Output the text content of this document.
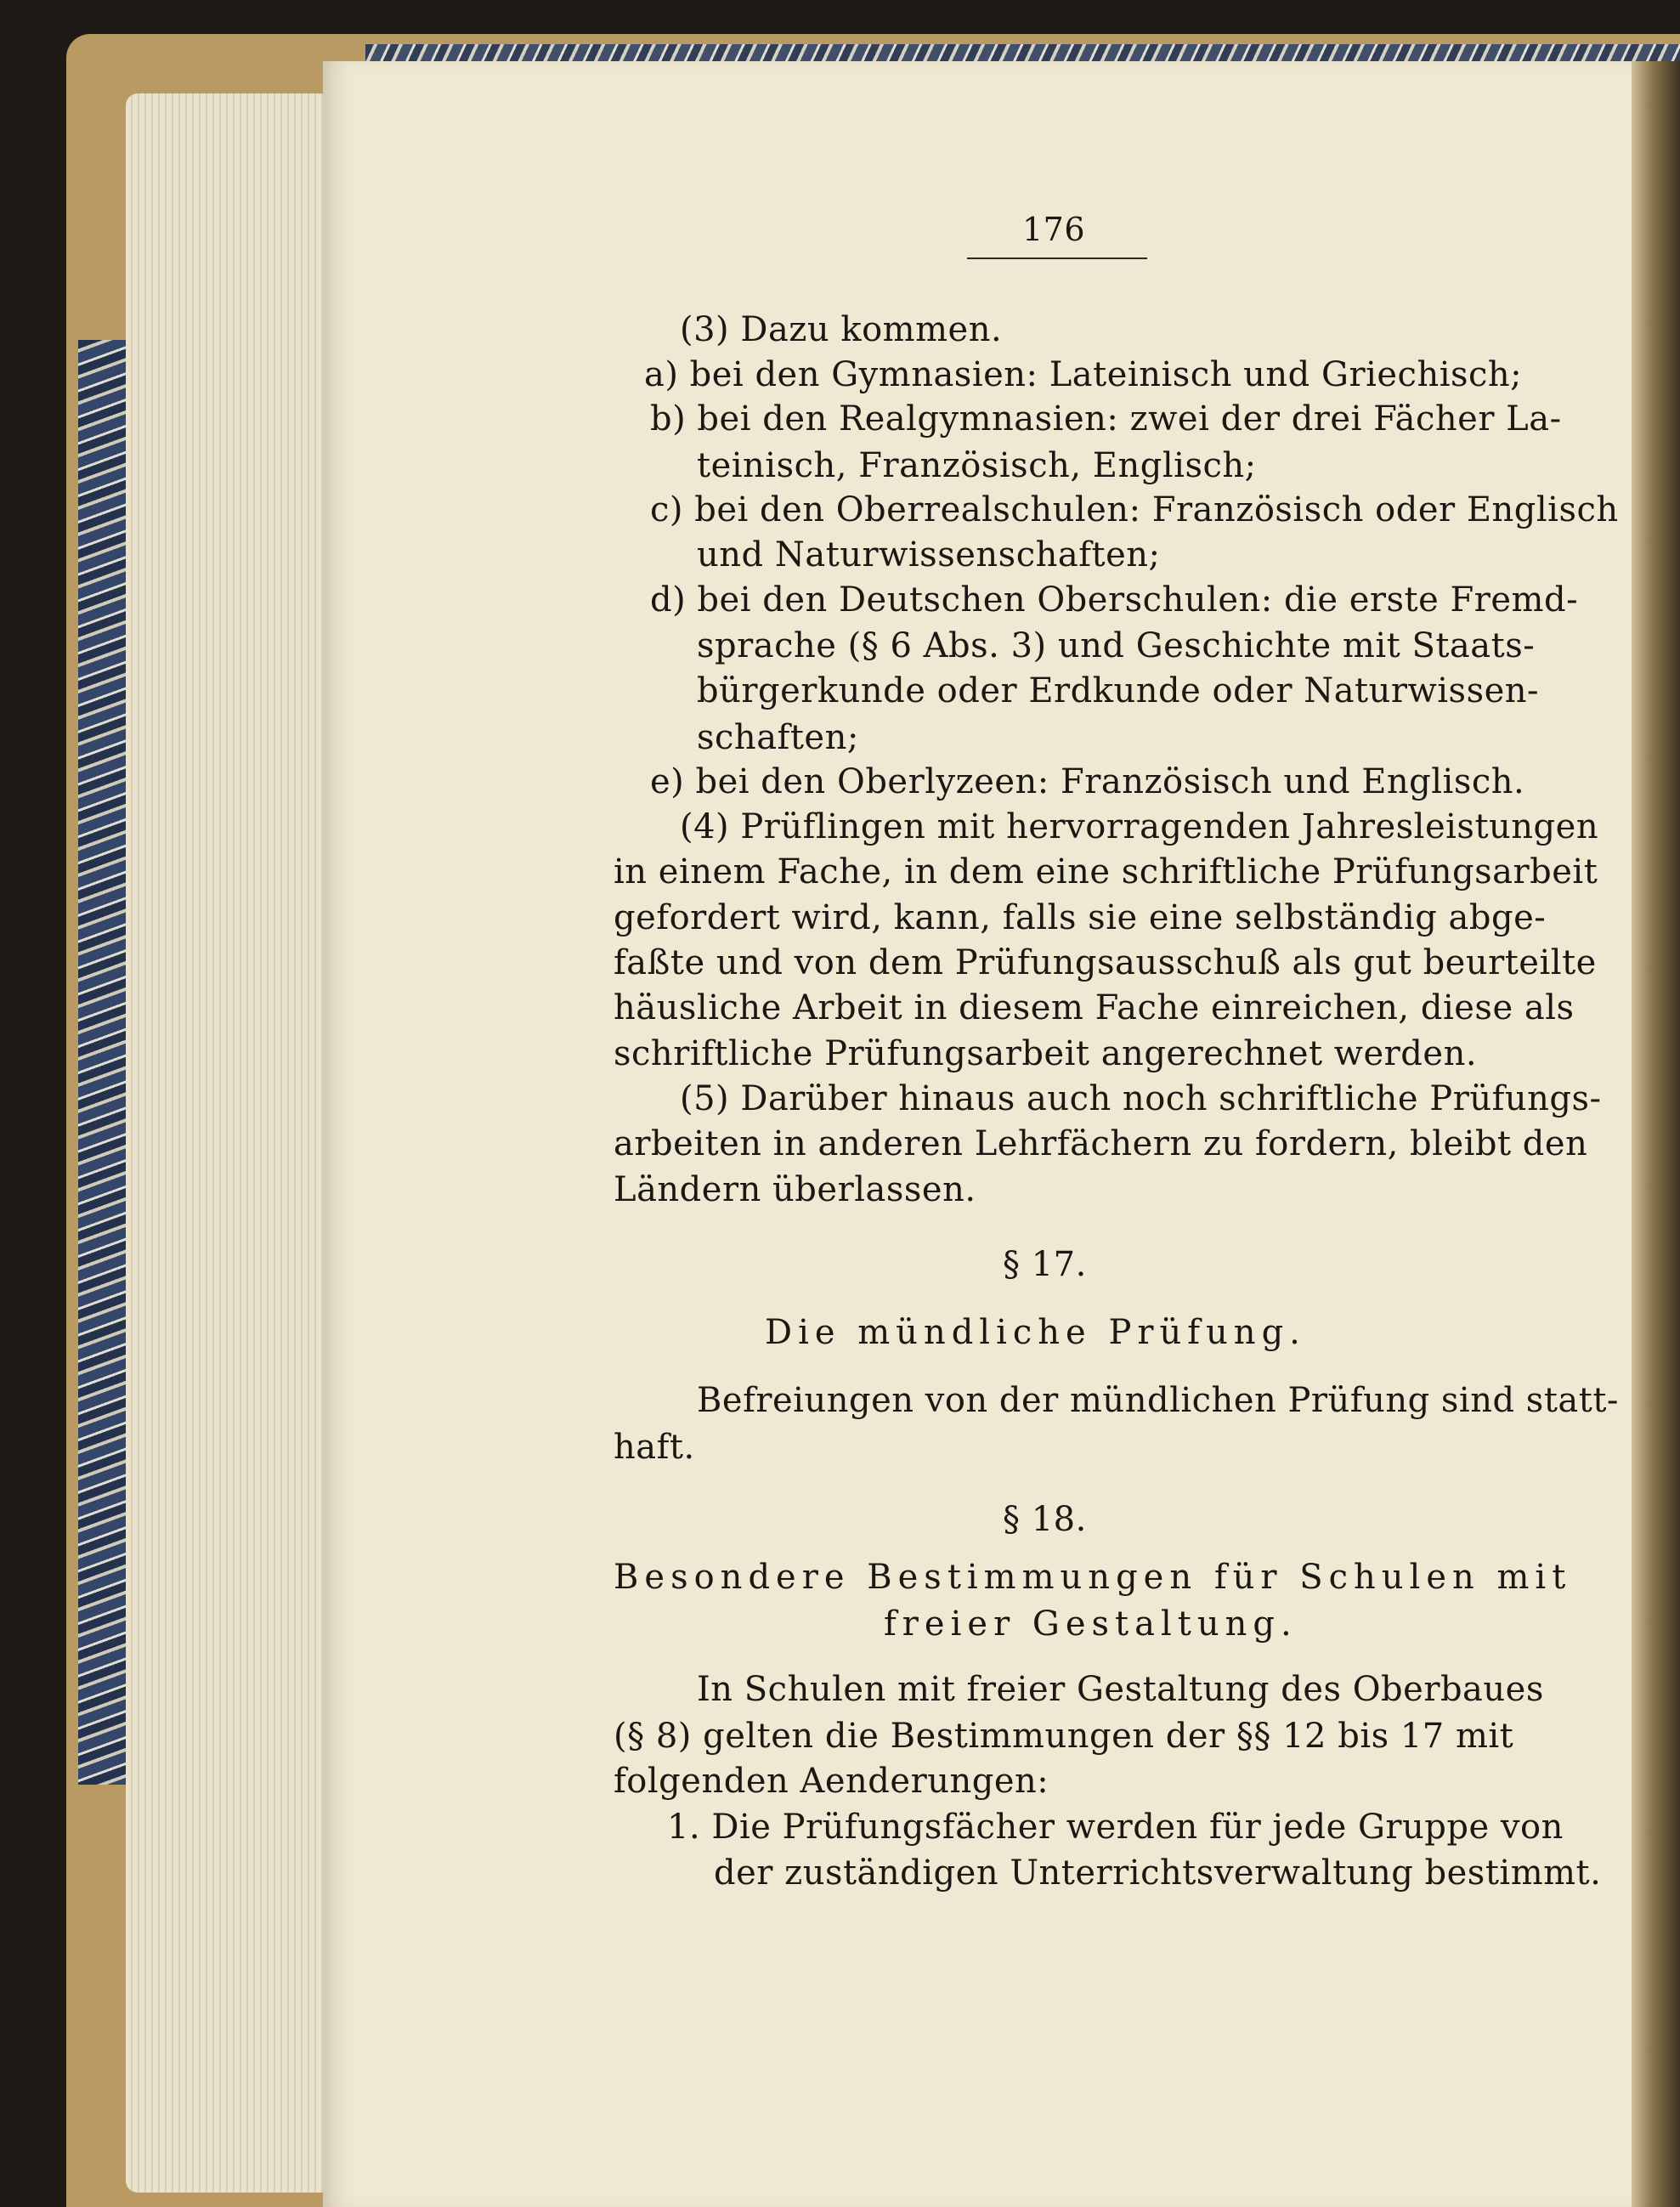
176
(3) Dazu kommen.
a) bei den Gymnasien: Lateinisch und Griechisch;
b) bei den Realgymnasien: zwei der drei Fächer La-
teinisch, Französisch, Englisch;
c) bei den Oberrealschulen: Französisch oder Englisch
und Naturwissenschaften;
d) bei den Deutschen Oberschulen: die erste Fremd-
sprache (§ 6 Abs. 3) und Geschichte mit Staats-
bürgerkunde oder Erdkunde oder Naturwissen-
schaften;
e) bei den Oberlyzeen: Französisch und Englisch.
(4) Prüflingen mit hervorragenden Jahresleistungen
in einem Fache, in dem eine schriftliche Prüfungsarbeit
gefordert wird, kann, falls sie eine selbständig abge-
faßte und von dem Prüfungsausschuß als gut beurteilte
häusliche Arbeit in diesem Fache einreichen, diese als
schriftliche Prüfungsarbeit angerechnet werden.
(5) Darüber hinaus auch noch schriftliche Prüfungs-
arbeiten in anderen Lehrfächern zu fordern, bleibt den
Ländern überlassen.
§ 17.
Die mündliche Prüfung.
Befreiungen von der mündlichen Prüfung sind statt-
haft.
§ 18.
Besondere Bestimmungen für Schulen mit
freier Gestaltung.
In Schulen mit freier Gestaltung des Oberbaues
(§ 8) gelten die Bestimmungen der §§ 12 bis 17 mit
folgenden Aenderungen:
1. Die Prüfungsfächer werden für jede Gruppe von
der zuständigen Unterrichtsverwaltung bestimmt.
